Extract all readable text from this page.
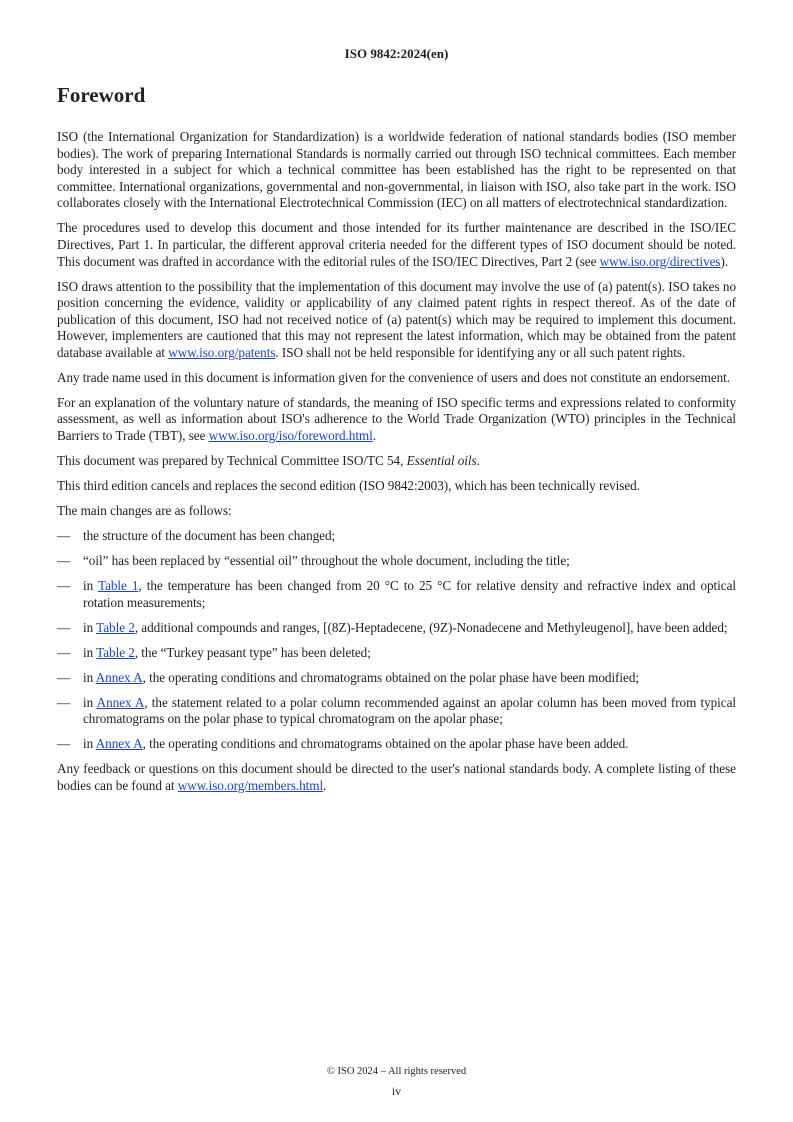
ISO 9842:2024(en)
Foreword

ISO (the International Organization for Standardization) is a worldwide federation of national standards bodies (ISO member bodies). The work of preparing International Standards is normally carried out through ISO technical committees. Each member body interested in a subject for which a technical committee has been established has the right to be represented on that committee. International organizations, governmental and non-governmental, in liaison with ISO, also take part in the work. ISO collaborates closely with the International Electrotechnical Commission (IEC) on all matters of electrotechnical standardization.

The procedures used to develop this document and those intended for its further maintenance are described in the ISO/IEC Directives, Part 1. In particular, the different approval criteria needed for the different types of ISO document should be noted. This document was drafted in accordance with the editorial rules of the ISO/IEC Directives, Part 2 (see www.iso.org/directives).

ISO draws attention to the possibility that the implementation of this document may involve the use of (a) patent(s). ISO takes no position concerning the evidence, validity or applicability of any claimed patent rights in respect thereof. As of the date of publication of this document, ISO had not received notice of (a) patent(s) which may be required to implement this document. However, implementers are cautioned that this may not represent the latest information, which may be obtained from the patent database available at www.iso.org/patents. ISO shall not be held responsible for identifying any or all such patent rights.

Any trade name used in this document is information given for the convenience of users and does not constitute an endorsement.

For an explanation of the voluntary nature of standards, the meaning of ISO specific terms and expressions related to conformity assessment, as well as information about ISO's adherence to the World Trade Organization (WTO) principles in the Technical Barriers to Trade (TBT), see www.iso.org/iso/foreword.html.

This document was prepared by Technical Committee ISO/TC 54, Essential oils.

This third edition cancels and replaces the second edition (ISO 9842:2003), which has been technically revised.

The main changes are as follows:

— the structure of the document has been changed;
— “oil” has been replaced by “essential oil” throughout the whole document, including the title;
— in Table 1, the temperature has been changed from 20 °C to 25 °C for relative density and refractive index and optical rotation measurements;
— in Table 2, additional compounds and ranges, [(8Z)-Heptadecene, (9Z)-Nonadecene and Methyleugenol], have been added;
— in Table 2, the “Turkey peasant type” has been deleted;
— in Annex A, the operating conditions and chromatograms obtained on the polar phase have been modified;
— in Annex A, the statement related to a polar column recommended against an apolar column has been moved from typical chromatograms on the polar phase to typical chromatogram on the apolar phase;
— in Annex A, the operating conditions and chromatograms obtained on the apolar phase have been added.

Any feedback or questions on this document should be directed to the user's national standards body. A complete listing of these bodies can be found at www.iso.org/members.html.

© ISO 2024 – All rights reserved
iv
